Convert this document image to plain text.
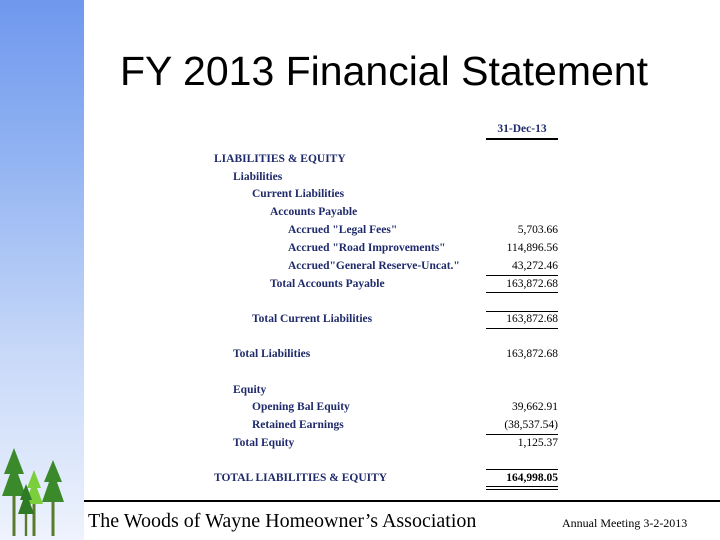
FY 2013 Financial Statement
31-Dec-13
LIABILITIES & EQUITY
Liabilities
Current Liabilities
Accounts Payable
Accrued "Legal Fees"	5,703.66
Accrued "Road Improvements"	114,896.56
Accrued"General Reserve-Uncat."	43,272.46
Total Accounts Payable	163,872.68
Total Current Liabilities	163,872.68
Total Liabilities	163,872.68
Equity
Opening Bal Equity	39,662.91
Retained Earnings	(38,537.54)
Total Equity	1,125.37
TOTAL LIABILITIES & EQUITY	164,998.05
The Woods of Wayne Homeowner’s Association	Annual Meeting 3-2-2013
